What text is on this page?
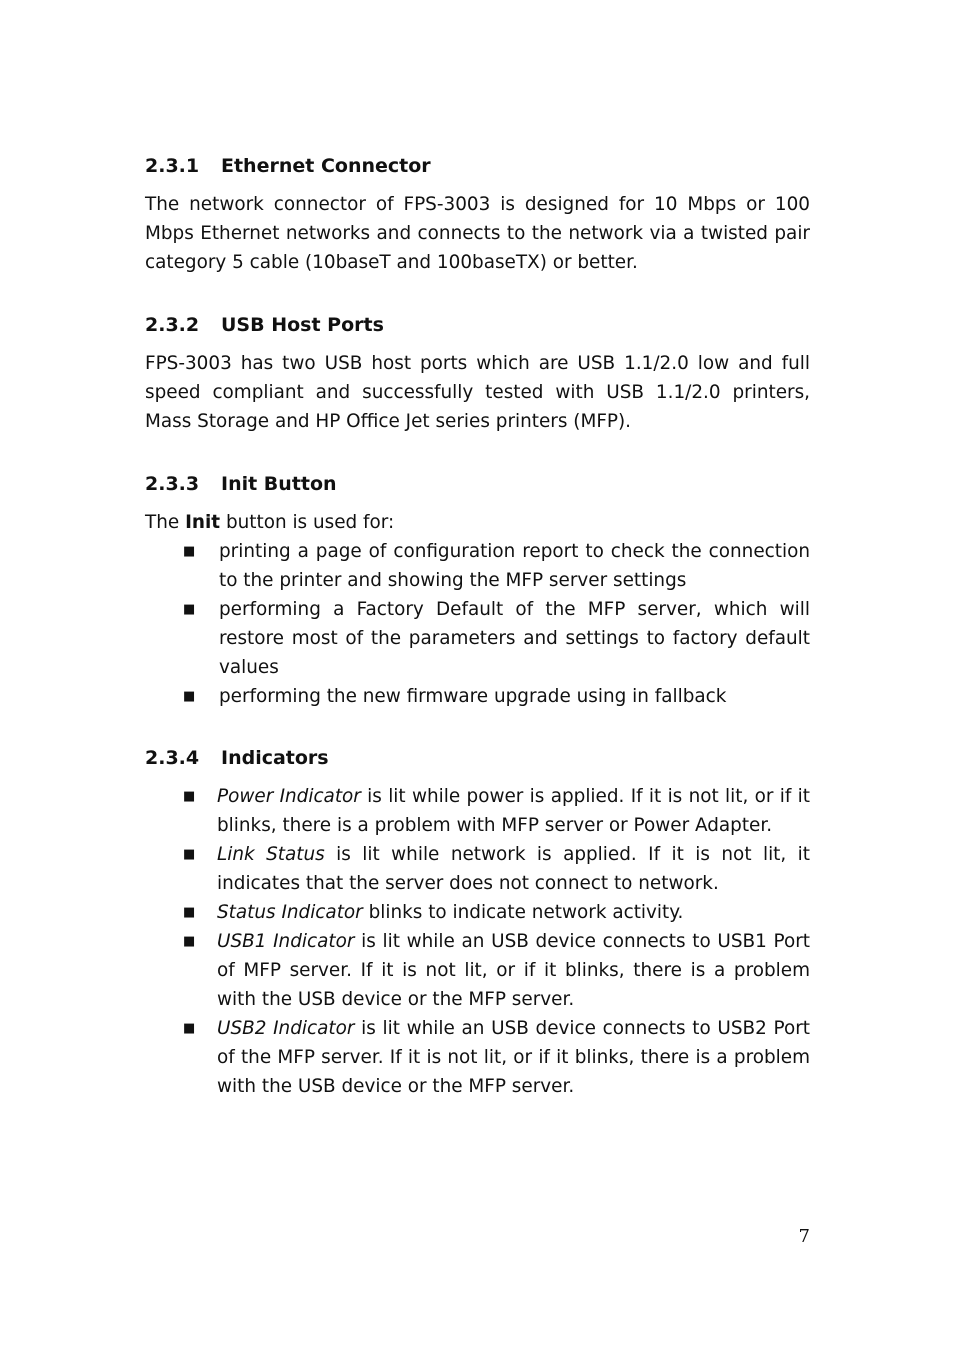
2.3.1	Ethernet Connector

The network connector of FPS-3003 is designed for 10 Mbps or 100 Mbps Ethernet networks and connects to the network via a twisted pair category 5 cable (10baseT and 100baseTX) or better.

2.3.2	USB Host Ports

FPS-3003 has two USB host ports which are USB 1.1/2.0 low and full speed compliant and successfully tested with USB 1.1/2.0 printers, Mass Storage and HP Office Jet series printers (MFP).

2.3.3	Init Button

The Init button is used for:

■ printing a page of configuration report to check the connection to the printer and showing the MFP server settings
■ performing a Factory Default of the MFP server, which will restore most of the parameters and settings to factory default values
■ performing the new firmware upgrade using in fallback
2.3.4	Indicators
■ Power Indicator is lit while power is applied. If it is not lit, or if it blinks, there is a problem with MFP server or Power Adapter.
■ Link Status is lit while network is applied. If it is not lit, it indicates that the server does not connect to network.
■ Status Indicator blinks to indicate network activity.
■ USB1 Indicator is lit while an USB device connects to USB1 Port of MFP server. If it is not lit, or if it blinks, there is a problem with the USB device or the MFP server.
■ USB2 Indicator is lit while an USB device connects to USB2 Port of the MFP server. If it is not lit, or if it blinks, there is a problem with the USB device or the MFP server.
7
